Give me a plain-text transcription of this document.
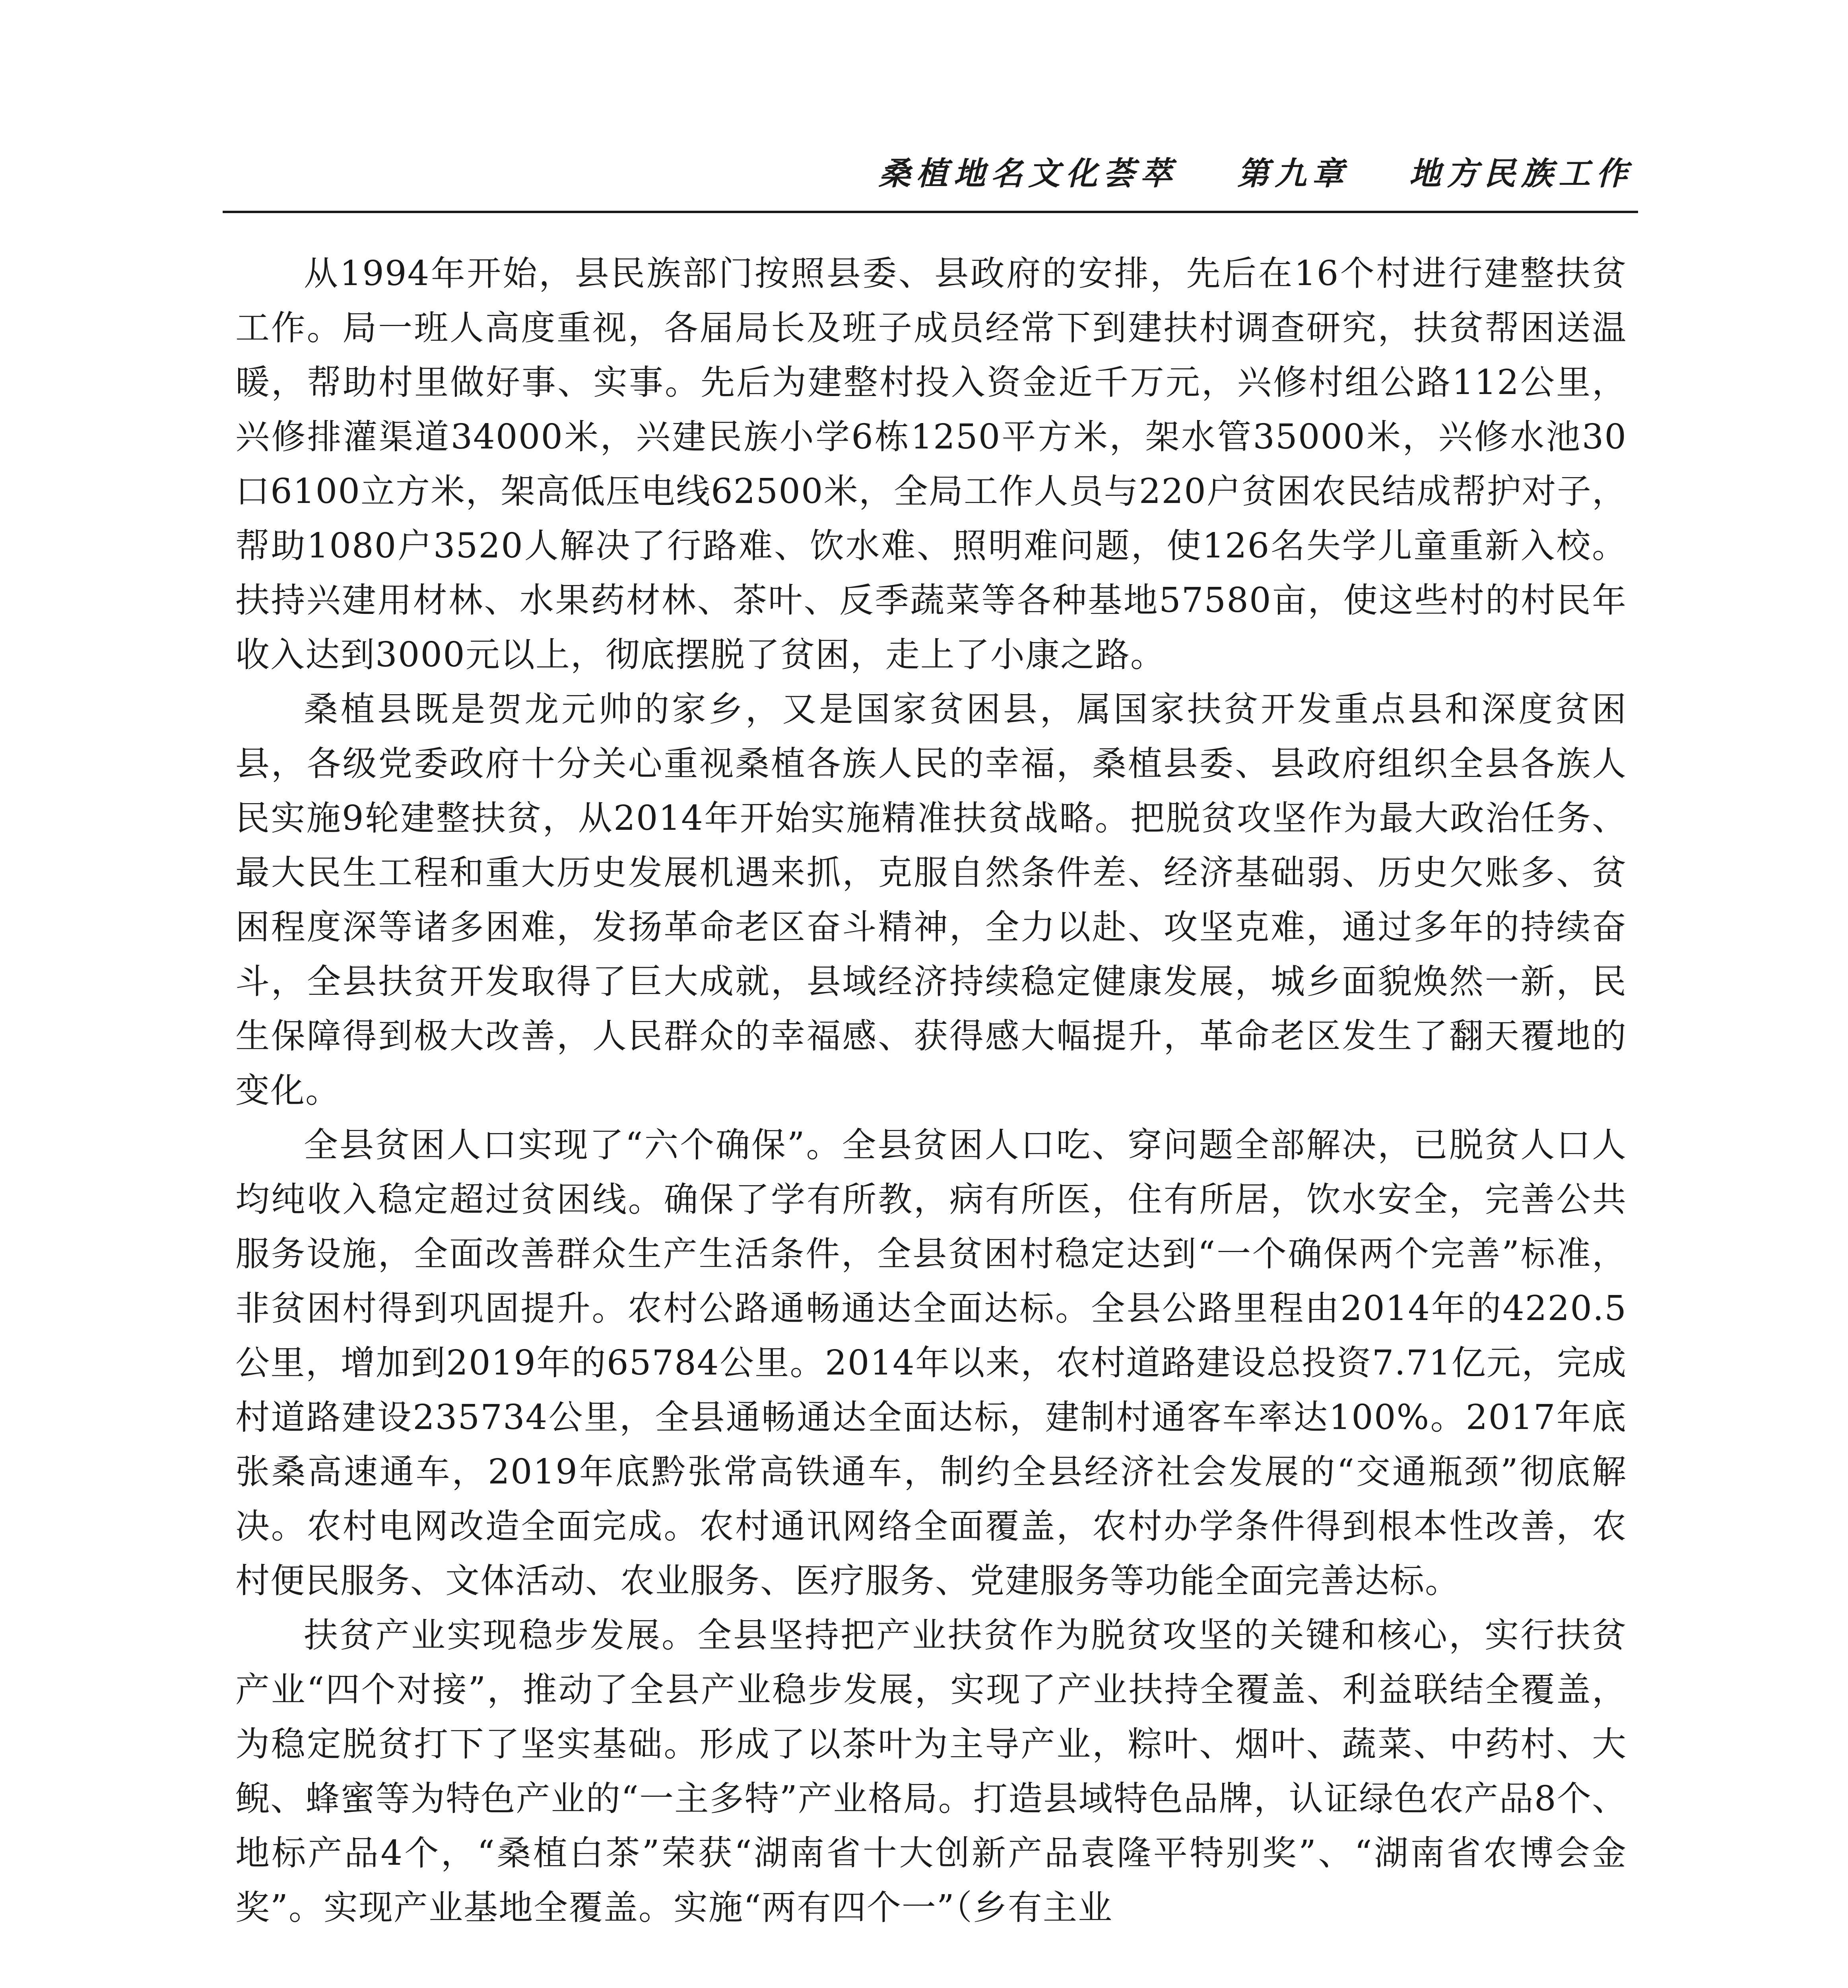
桑植地名文化荟萃 第九章 地方民族工作

从1994年开始，县民族部门按照县委、县政府的安排，先后在16个村进行建整扶贫工作。局一班人高度重视，各届局长及班子成员经常下到建扶村调查研究，扶贫帮困送温暖，帮助村里做好事、实事。先后为建整村投入资金近千万元，兴修村组公路112公里，兴修排灌渠道34000米，兴建民族小学6栋1250平方米，架水管35000米，兴修水池30口6100立方米，架高低压电线62500米，全局工作人员与220户贫困农民结成帮护对子，帮助1080户3520人解决了行路难、饮水难、照明难问题，使126名失学儿童重新入校。扶持兴建用材林、水果药材林、茶叶、反季蔬菜等各种基地57580亩，使这些村的村民年收入达到3000元以上，彻底摆脱了贫困，走上了小康之路。

桑植县既是贺龙元帅的家乡，又是国家贫困县，属国家扶贫开发重点县和深度贫困县，各级党委政府十分关心重视桑植各族人民的幸福，桑植县委、县政府组织全县各族人民实施9轮建整扶贫，从2014年开始实施精准扶贫战略。把脱贫攻坚作为最大政治任务、最大民生工程和重大历史发展机遇来抓，克服自然条件差、经济基础弱、历史欠账多、贫困程度深等诸多困难，发扬革命老区奋斗精神，全力以赴、攻坚克难，通过多年的持续奋斗，全县扶贫开发取得了巨大成就，县域经济持续稳定健康发展，城乡面貌焕然一新，民生保障得到极大改善，人民群众的幸福感、获得感大幅提升，革命老区发生了翻天覆地的变化。

全县贫困人口实现了“六个确保”。全县贫困人口吃、穿问题全部解决，已脱贫人口人均纯收入稳定超过贫困线。确保了学有所教，病有所医，住有所居，饮水安全，完善公共服务设施，全面改善群众生产生活条件，全县贫困村稳定达到“一个确保两个完善”标准，非贫困村得到巩固提升。农村公路通畅通达全面达标。全县公路里程由2014年的4220.5公里，增加到2019年的65784公里。2014年以来，农村道路建设总投资7.71亿元，完成村道路建设235734公里，全县通畅通达全面达标，建制村通客车率达100%。2017年底张桑高速通车，2019年底黔张常高铁通车，制约全县经济社会发展的“交通瓶颈”彻底解决。农村电网改造全面完成。农村通讯网络全面覆盖，农村办学条件得到根本性改善，农村便民服务、文体活动、农业服务、医疗服务、党建服务等功能全面完善达标。

扶贫产业实现稳步发展。全县坚持把产业扶贫作为脱贫攻坚的关键和核心，实行扶贫产业“四个对接”，推动了全县产业稳步发展，实现了产业扶持全覆盖、利益联结全覆盖，为稳定脱贫打下了坚实基础。形成了以茶叶为主导产业，粽叶、烟叶、蔬菜、中药村、大鲵、蜂蜜等为特色产业的“一主多特”产业格局。打造县域特色品牌，认证绿色农产品8个、地标产品4个，“桑植白茶”荣获“湖南省十大创新产品袁隆平特别奖”、“湖南省农博会金奖”。实现产业基地全覆盖。实施“两有四个一”（乡有主业
